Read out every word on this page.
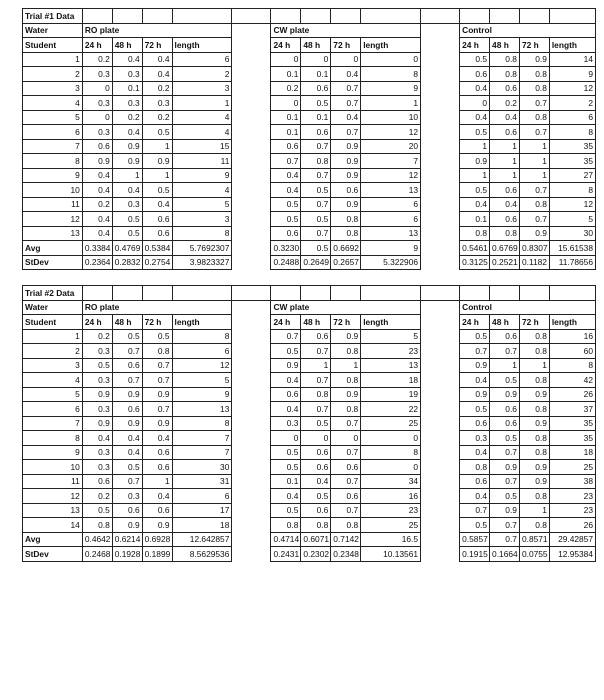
Trial #1 Data														
Water	RO plate					CW plate					Control			
Student	24 h	48 h	72 h	length		24 h	48 h	72 h	length		24 h	48 h	72 h	length
1	0.2	0.4	0.4	6		0	0	0	0		0.5	0.8	0.9	14
2	0.3	0.3	0.4	2		0.1	0.1	0.4	8		0.6	0.8	0.8	9
3	0	0.1	0.2	3		0.2	0.6	0.7	9		0.4	0.6	0.8	12
4	0.3	0.3	0.3	1		0	0.5	0.7	1		0	0.2	0.7	2
5	0	0.2	0.2	4		0.1	0.1	0.4	10		0.4	0.4	0.8	6
6	0.3	0.4	0.5	4		0.1	0.6	0.7	12		0.5	0.6	0.7	8
7	0.6	0.9	1	15		0.6	0.7	0.9	20		1	1	1	35
8	0.9	0.9	0.9	11		0.7	0.8	0.9	7		0.9	1	1	35
9	0.4	1	1	9		0.4	0.7	0.9	12		1	1	1	27
10	0.4	0.4	0.5	4		0.4	0.5	0.6	13		0.5	0.6	0.7	8
11	0.2	0.3	0.4	5		0.5	0.7	0.9	6		0.4	0.4	0.8	12
12	0.4	0.5	0.6	3		0.5	0.5	0.8	6		0.1	0.6	0.7	5
13	0.4	0.5	0.6	8		0.6	0.7	0.8	13		0.8	0.8	0.9	30
Avg	0.3384	0.4769	0.5384	5.7692307		0.3230	0.5	0.6692	9		0.5461	0.6769	0.8307	15.61538
StDev	0.2364	0.2832	0.2754	3.9823327		0.2488	0.2649	0.2657	5.322906		0.3125	0.2521	0.1182	11.78656

Trial #2 Data														
Water	RO plate					CW plate					Control			
Student	24 h	48 h	72 h	length		24 h	48 h	72 h	length		24 h	48 h	72 h	length
1	0.2	0.5	0.5	8		0.7	0.6	0.9	5		0.5	0.6	0.8	16
2	0.3	0.7	0.8	6		0.5	0.7	0.8	23		0.7	0.7	0.8	60
3	0.5	0.6	0.7	12		0.9	1	1	13		0.9	1	1	8
4	0.3	0.7	0.7	5		0.4	0.7	0.8	18		0.4	0.5	0.8	42
5	0.9	0.9	0.9	9		0.6	0.8	0.9	19		0.9	0.9	0.9	26
6	0.3	0.6	0.7	13		0.4	0.7	0.8	22		0.5	0.6	0.8	37
7	0.9	0.9	0.9	8		0.3	0.5	0.7	25		0.6	0.6	0.9	35
8	0.4	0.4	0.4	7		0	0	0	0		0.3	0.5	0.8	35
9	0.3	0.4	0.6	7		0.5	0.6	0.7	8		0.4	0.7	0.8	18
10	0.3	0.5	0.6	30		0.5	0.6	0.6	0		0.8	0.9	0.9	25
11	0.6	0.7	1	31		0.1	0.4	0.7	34		0.6	0.7	0.9	38
12	0.2	0.3	0.4	6		0.4	0.5	0.6	16		0.4	0.5	0.8	23
13	0.5	0.6	0.6	17		0.5	0.6	0.7	23		0.7	0.9	1	23
14	0.8	0.9	0.9	18		0.8	0.8	0.8	25		0.5	0.7	0.8	26
Avg	0.4642	0.6214	0.6928	12.642857		0.4714	0.6071	0.7142	16.5		0.5857	0.7	0.8571	29.42857
StDev	0.2468	0.1928	0.1899	8.5629536		0.2431	0.2302	0.2348	10.13561		0.1915	0.1664	0.0755	12.95384
